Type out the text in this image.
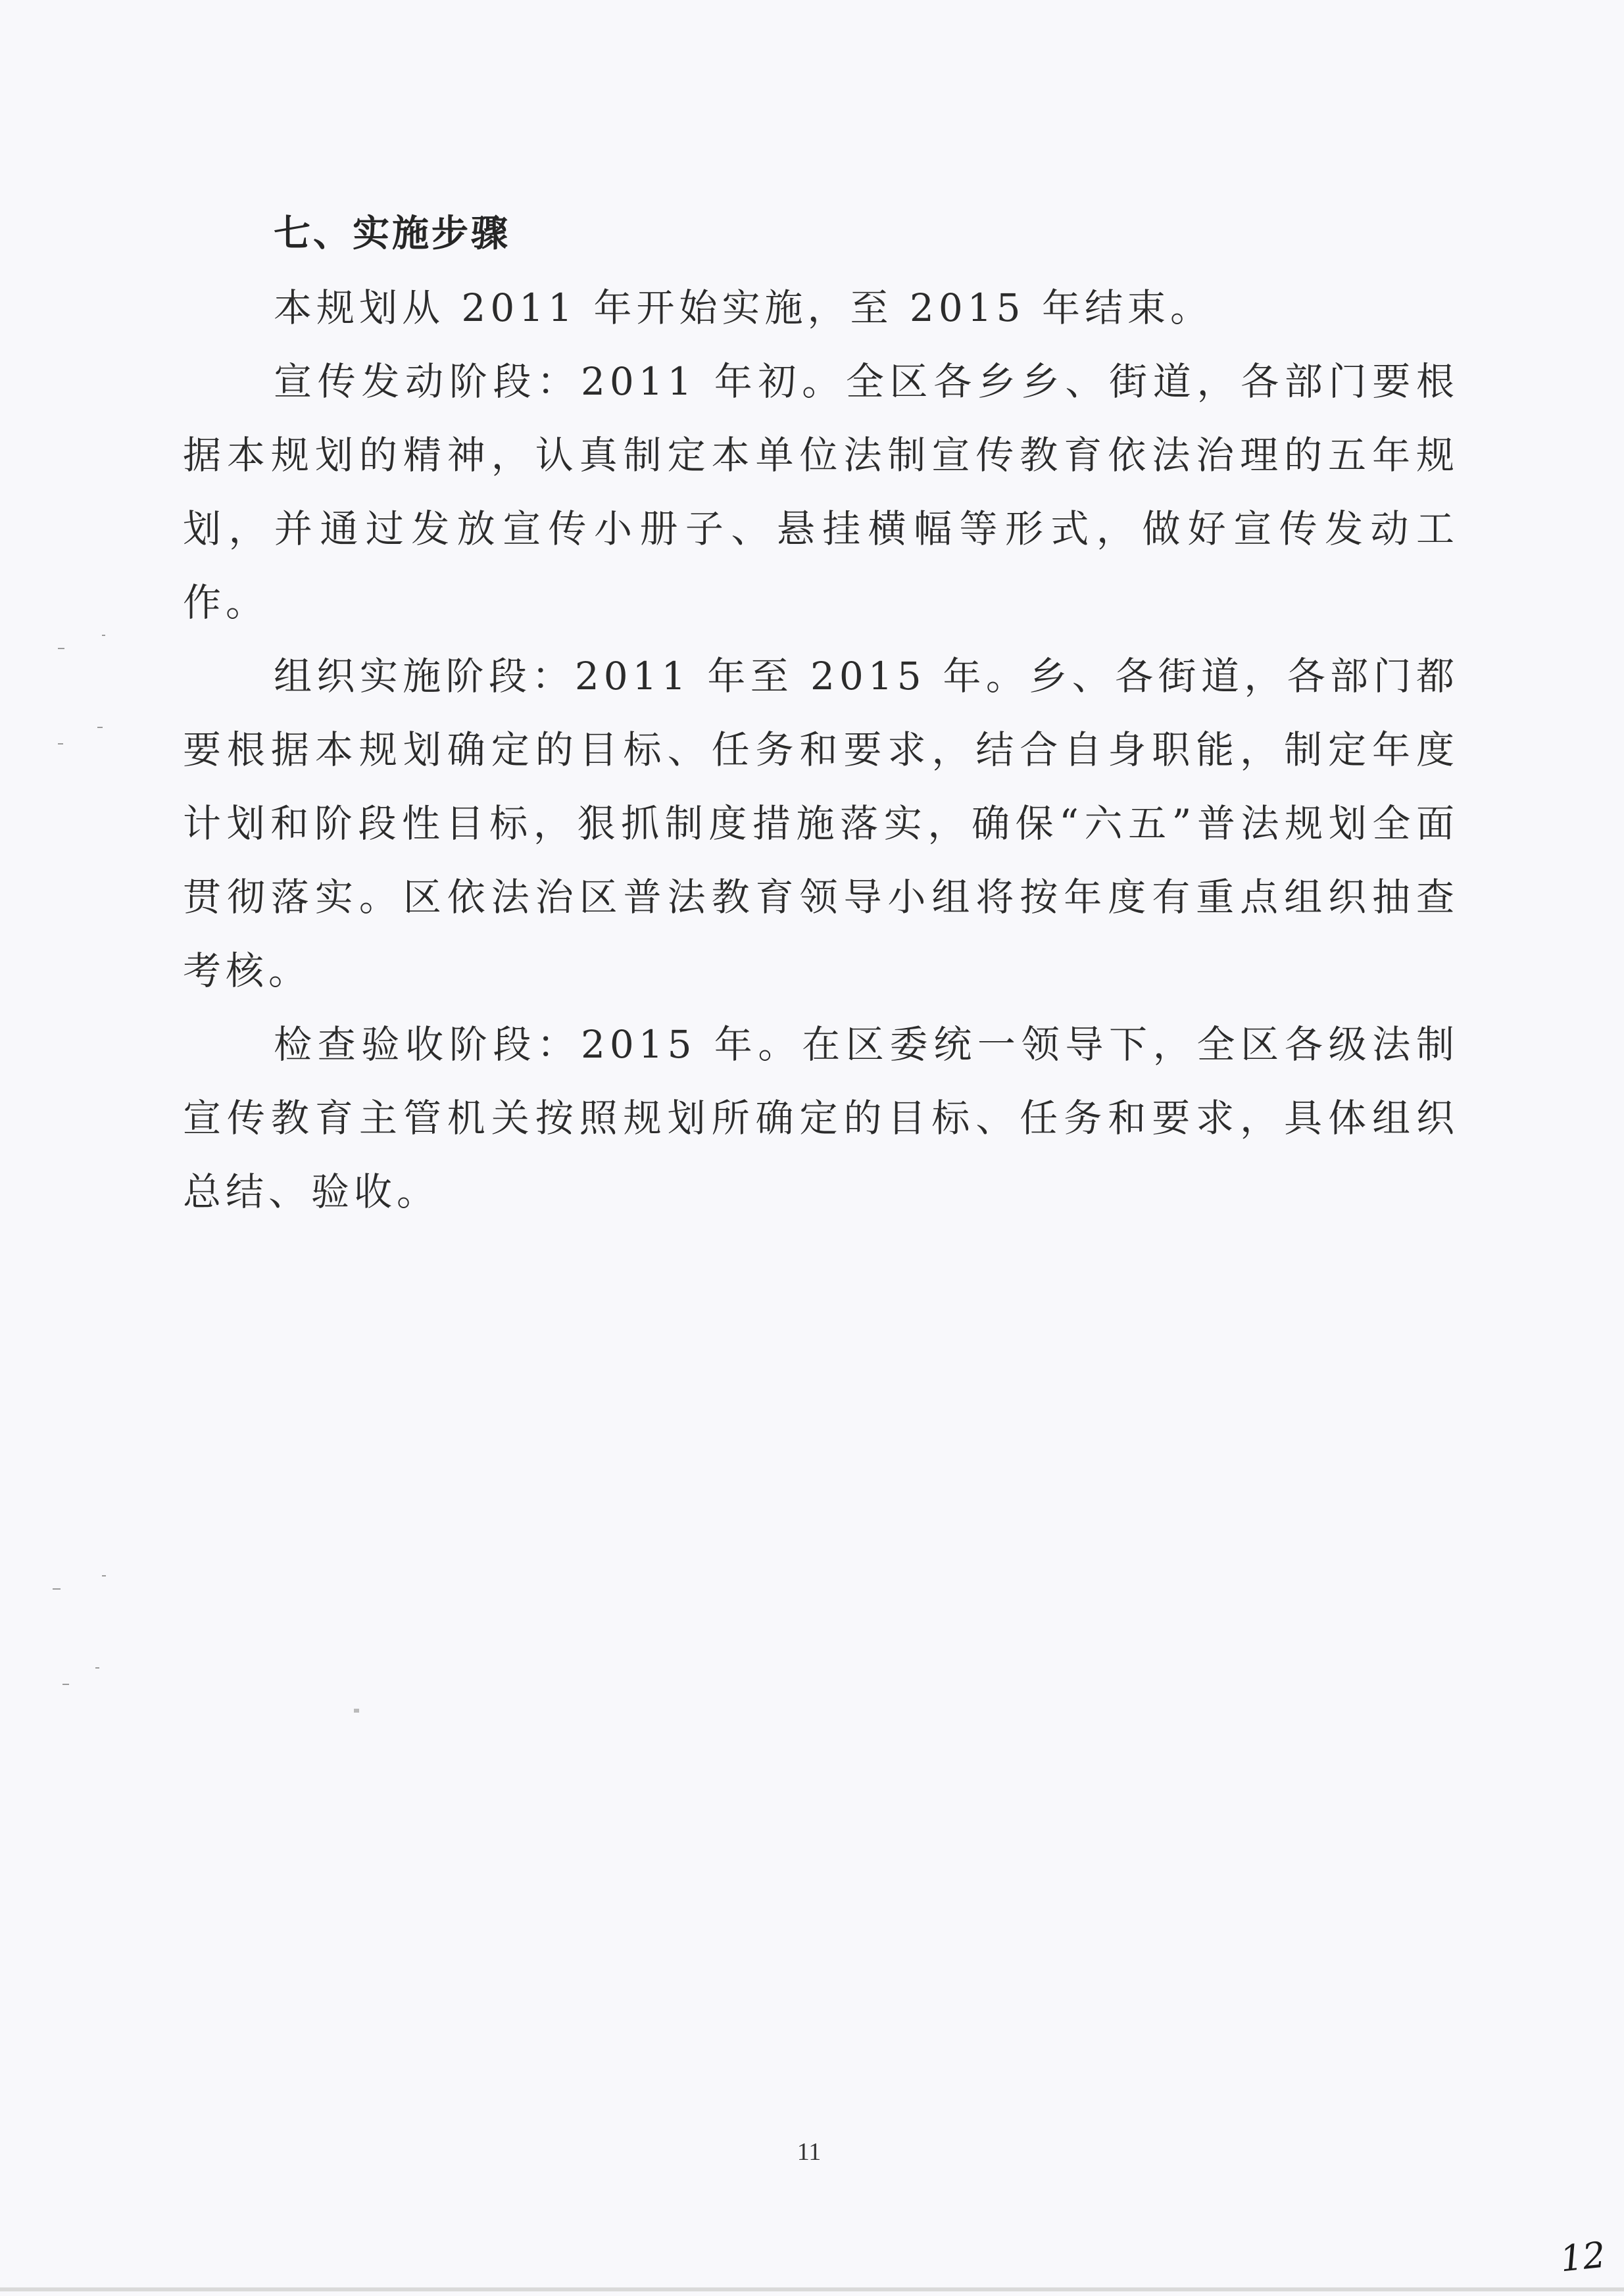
七、实施步骤

本规划从 2011 年开始实施，至 2015 年结束。

宣传发动阶段：2011 年初。全区各乡乡、街道，各部门要根据本规划的精神，认真制定本单位法制宣传教育依法治理的五年规划，并通过发放宣传小册子、悬挂横幅等形式，做好宣传发动工作。

组织实施阶段：2011 年至 2015 年。乡、各街道，各部门都要根据本规划确定的目标、任务和要求，结合自身职能，制定年度计划和阶段性目标，狠抓制度措施落实，确保“六五”普法规划全面贯彻落实。区依法治区普法教育领导小组将按年度有重点组织抽查考核。

检查验收阶段：2015 年。在区委统一领导下，全区各级法制宣传教育主管机关按照规划所确定的目标、任务和要求，具体组织总结、验收。

11
12
